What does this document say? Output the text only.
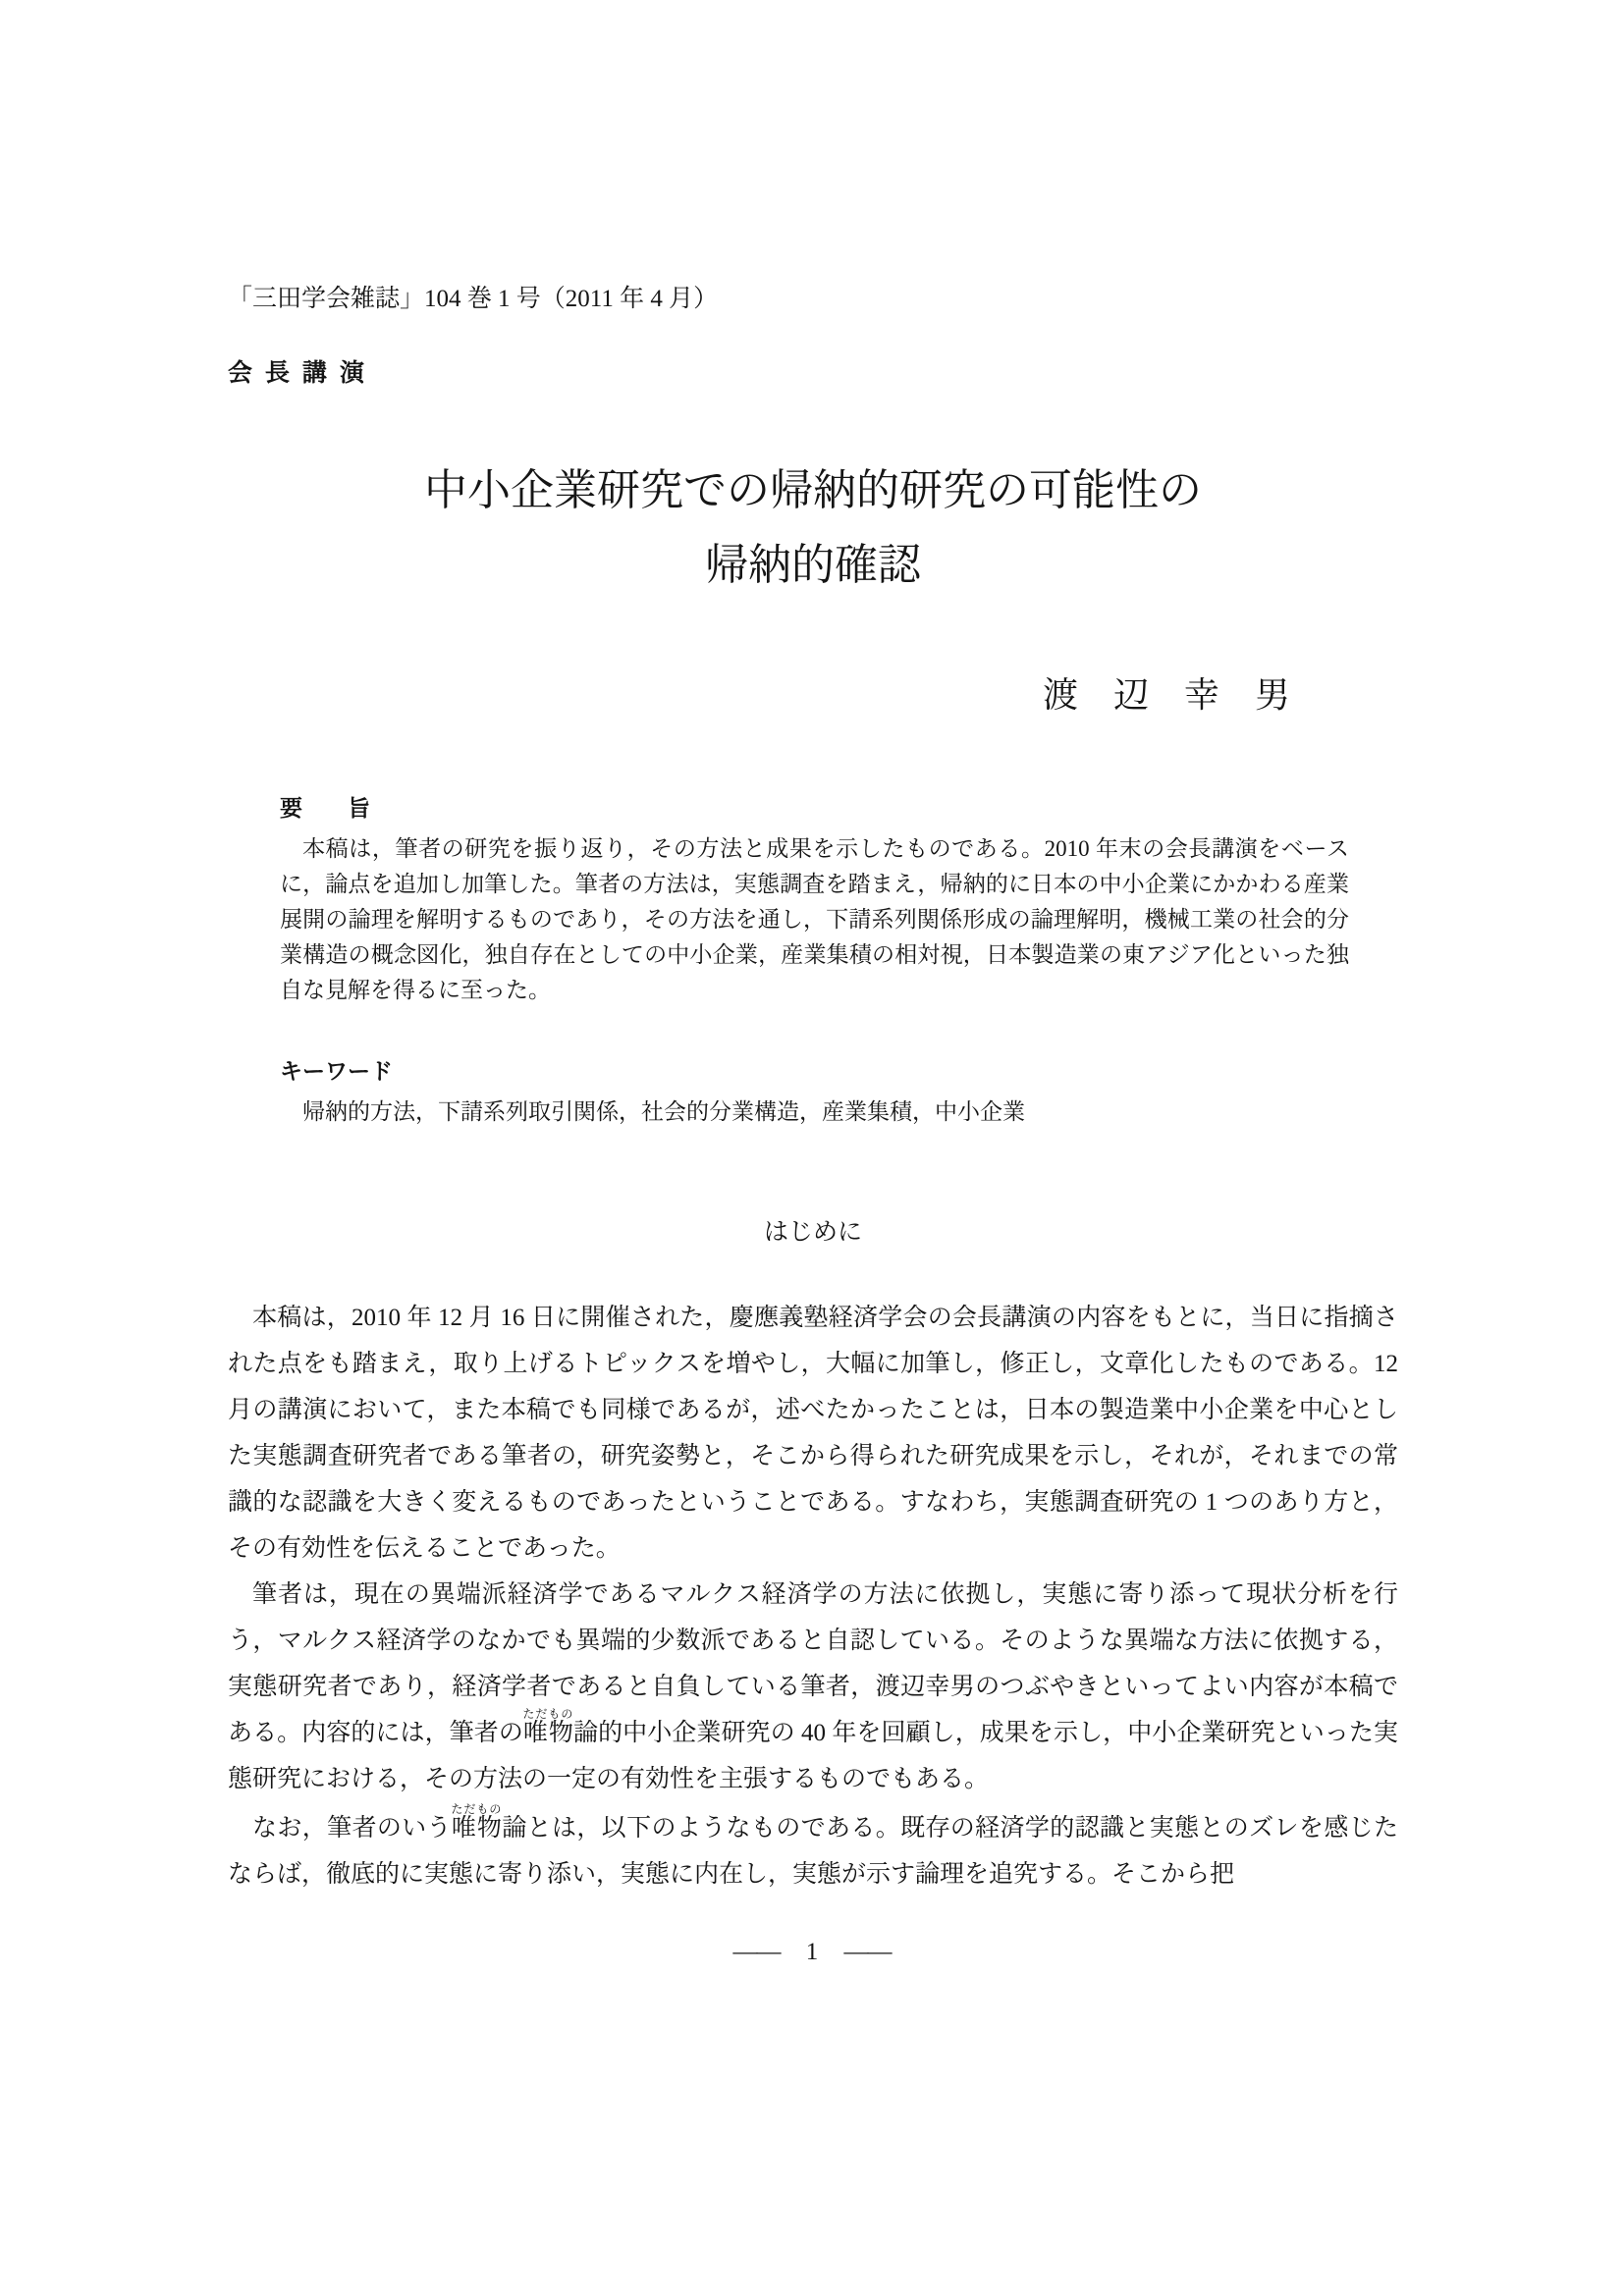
「三田学会雑誌」104 巻 1 号（2011 年 4 月）
会 長 講 演
中小企業研究での帰納的研究の可能性の
帰納的確認
渡　辺　幸　男

要　　旨

本稿は，筆者の研究を振り返り，その方法と成果を示したものである。2010 年末の会長講演をベースに，論点を追加し加筆した。筆者の方法は，実態調査を踏まえ，帰納的に日本の中小企業にかかわる産業展開の論理を解明するものであり，その方法を通し，下請系列関係形成の論理解明，機械工業の社会的分業構造の概念図化，独自存在としての中小企業，産業集積の相対視，日本製造業の東アジア化といった独自な見解を得るに至った。

キーワード

帰納的方法，下請系列取引関係，社会的分業構造，産業集積，中小企業

はじめに

本稿は，2010 年 12 月 16 日に開催された，慶應義塾経済学会の会長講演の内容をもとに，当日に指摘された点をも踏まえ，取り上げるトピックスを増やし，大幅に加筆し，修正し，文章化したものである。12 月の講演において，また本稿でも同様であるが，述べたかったことは，日本の製造業中小企業を中心とした実態調査研究者である筆者の，研究姿勢と，そこから得られた研究成果を示し，それが，それまでの常識的な認識を大きく変えるものであったということである。すなわち，実態調査研究の 1 つのあり方と，その有効性を伝えることであった。

筆者は，現在の異端派経済学であるマルクス経済学の方法に依拠し，実態に寄り添って現状分析を行う，マルクス経済学のなかでも異端的少数派であると自認している。そのような異端な方法に依拠する，実態研究者であり，経済学者であると自負している筆者，渡辺幸男のつぶやきといってよい内容が本稿である。内容的には，筆者の唯物ただもの論的中小企業研究の 40 年を回顧し，成果を示し，中小企業研究といった実態研究における，その方法の一定の有効性を主張するものでもある。

なお，筆者のいう唯物ただもの論とは，以下のようなものである。既存の経済学的認識と実態とのズレを感じたならば，徹底的に実態に寄り添い，実態に内在し，実態が示す論理を追究する。そこから把

—— 1 ——
